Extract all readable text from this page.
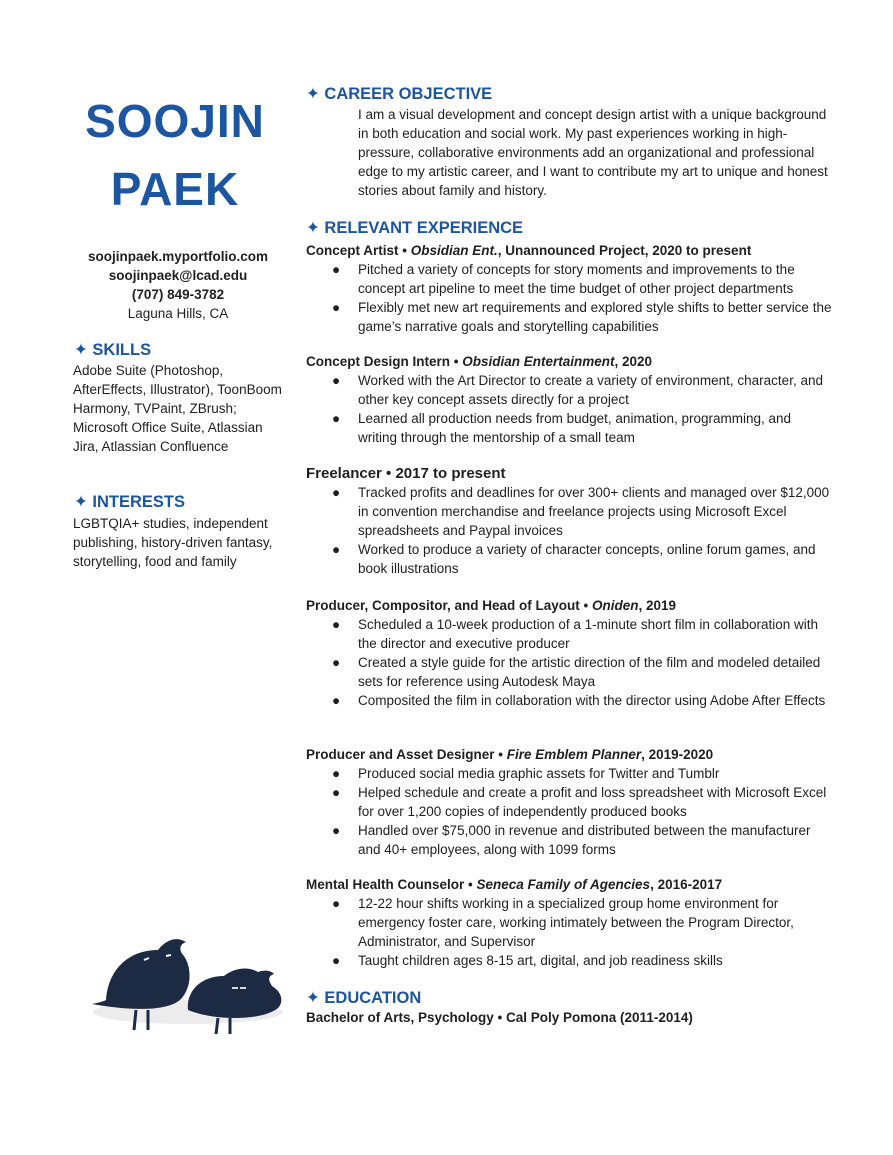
SOOJIN
PAEK
soojinpaek.myportfolio.com
soojinpaek@lcad.edu
(707) 849-3782
Laguna Hills, CA
✦ SKILLS
Adobe Suite (Photoshop, AfterEffects, Illustrator), ToonBoom Harmony, TVPaint, ZBrush; Microsoft Office Suite, Atlassian Jira, Atlassian Confluence
✦ INTERESTS
LGBTQIA+ studies, independent publishing, history-driven fantasy, storytelling, food and family
✦ CAREER OBJECTIVE
I am a visual development and concept design artist with a unique background in both education and social work. My past experiences working in high-pressure, collaborative environments add an organizational and professional edge to my artistic career, and I want to contribute my art to unique and honest stories about family and history.
✦ RELEVANT EXPERIENCE
Concept Artist • Obsidian Ent., Unannounced Project, 2020 to present
● Pitched a variety of concepts for story moments and improvements to the concept art pipeline to meet the time budget of other project departments
● Flexibly met new art requirements and explored style shifts to better service the game’s narrative goals and storytelling capabilities
Concept Design Intern • Obsidian Entertainment, 2020
● Worked with the Art Director to create a variety of environment, character, and other key concept assets directly for a project
● Learned all production needs from budget, animation, programming, and writing through the mentorship of a small team
Freelancer • 2017 to present
● Tracked profits and deadlines for over 300+ clients and managed over $12,000 in convention merchandise and freelance projects using Microsoft Excel spreadsheets and Paypal invoices
● Worked to produce a variety of character concepts, online forum games, and book illustrations
Producer, Compositor, and Head of Layout • Oniden, 2019
● Scheduled a 10-week production of a 1-minute short film in collaboration with the director and executive producer
● Created a style guide for the artistic direction of the film and modeled detailed sets for reference using Autodesk Maya
● Composited the film in collaboration with the director using Adobe After Effects
Producer and Asset Designer • Fire Emblem Planner, 2019-2020
● Produced social media graphic assets for Twitter and Tumblr
● Helped schedule and create a profit and loss spreadsheet with Microsoft Excel for over 1,200 copies of independently produced books
● Handled over $75,000 in revenue and distributed between the manufacturer and 40+ employees, along with 1099 forms
Mental Health Counselor • Seneca Family of Agencies, 2016-2017
● 12-22 hour shifts working in a specialized group home environment for emergency foster care, working intimately between the Program Director, Administrator, and Supervisor
● Taught children ages 8-15 art, digital, and job readiness skills
✦ EDUCATION
Bachelor of Arts, Psychology • Cal Poly Pomona (2011-2014)
